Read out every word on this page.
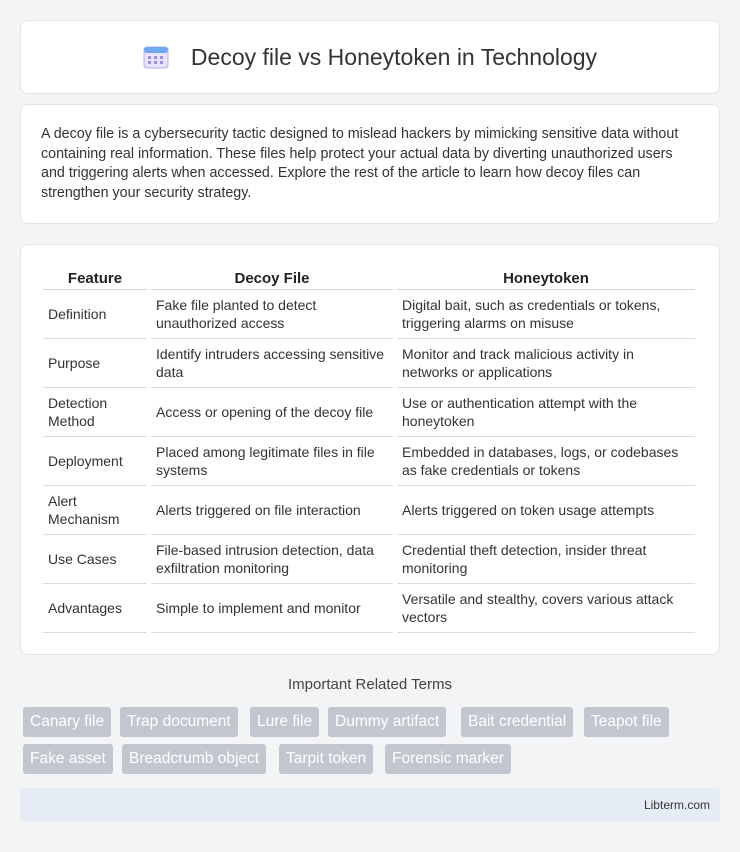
Decoy file vs Honeytoken in Technology

A decoy file is a cybersecurity tactic designed to mislead hackers by mimicking sensitive data without containing real information. These files help protect your actual data by diverting unauthorized users and triggering alerts when accessed. Explore the rest of the article to learn how decoy files can strengthen your security strategy.

Feature	Decoy File	Honeytoken
Definition	Fake file planted to detect unauthorized access	Digital bait, such as credentials or tokens, triggering alarms on misuse
Purpose	Identify intruders accessing sensitive data	Monitor and track malicious activity in networks or applications
Detection Method	Access or opening of the decoy file	Use or authentication attempt with the honeytoken
Deployment	Placed among legitimate files in file systems	Embedded in databases, logs, or codebases as fake credentials or tokens
Alert Mechanism	Alerts triggered on file interaction	Alerts triggered on token usage attempts
Use Cases	File-based intrusion detection, data exfiltration monitoring	Credential theft detection, insider threat monitoring
Advantages	Simple to implement and monitor	Versatile and stealthy, covers various attack vectors
Important Related Terms
Canary file	Trap document	Lure file	Dummy artifact	Bait credential	Teapot file
Fake asset	Breadcrumb object	Tarpit token	Forensic marker
Libterm.com
